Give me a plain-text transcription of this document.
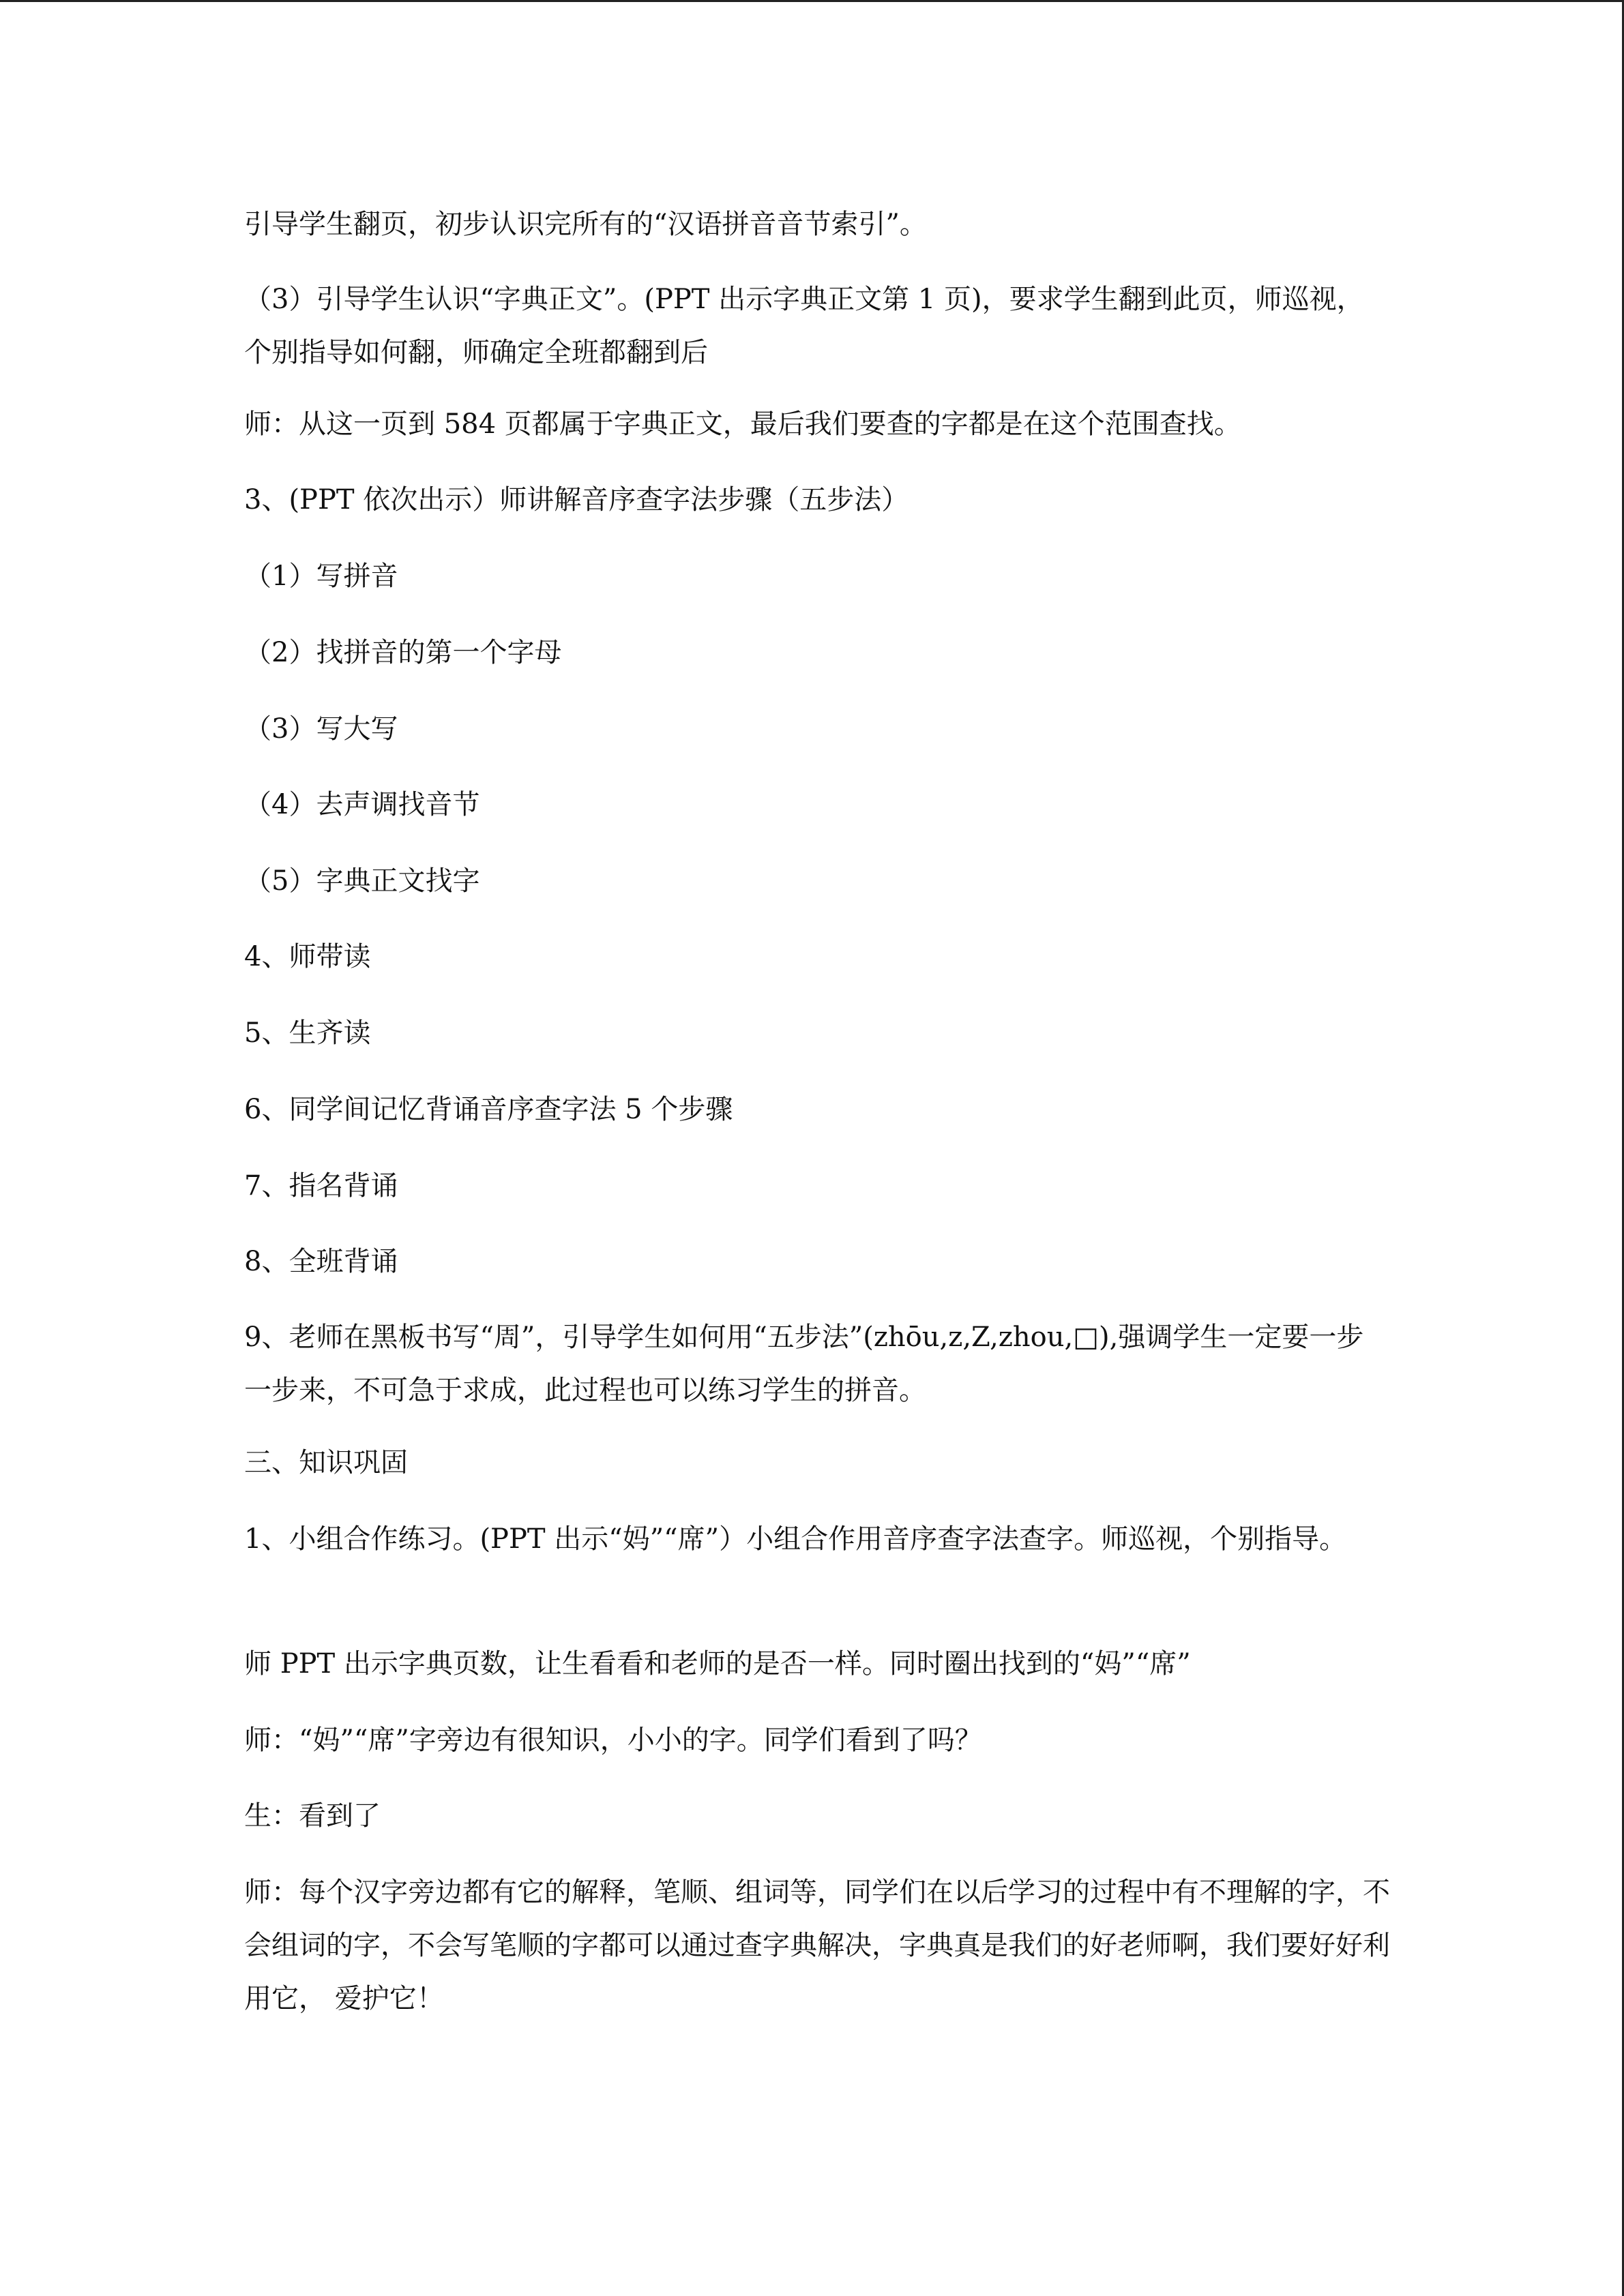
引导学生翻页，初步认识完所有的“汉语拼音音节索引”。

（3）引导学生认识“字典正文”。(PPT 出示字典正文第 1 页)，要求学生翻到此页，师巡视，个别指导如何翻，师确定全班都翻到后

师：从这一页到 584 页都属于字典正文，最后我们要查的字都是在这个范围查找。

3、(PPT 依次出示）师讲解音序查字法步骤（五步法）

（1）写拼音

（2）找拼音的第一个字母

（3）写大写

（4）去声调找音节

（5）字典正文找字

4、师带读

5、生齐读

6、同学间记忆背诵音序查字法 5 个步骤

7、指名背诵

8、全班背诵

9、老师在黑板书写“周”，引导学生如何用“五步法”(zhōu,z,Z,zhou,□),强调学生一定要一步一步来，不可急于求成，此过程也可以练习学生的拼音。

三、知识巩固

1、小组合作练习。(PPT 出示“妈”“席”）小组合作用音序查字法查字。师巡视，个别指导。

师 PPT 出示字典页数，让生看看和老师的是否一样。同时圈出找到的“妈”“席”

师：“妈”“席”字旁边有很知识，小小的字。同学们看到了吗？

生：看到了

师：每个汉字旁边都有它的解释，笔顺、组词等，同学们在以后学习的过程中有不理解的字，不会组词的字，不会写笔顺的字都可以通过查字典解决，字典真是我们的好老师啊，我们要好好利用它， 爱护它！
